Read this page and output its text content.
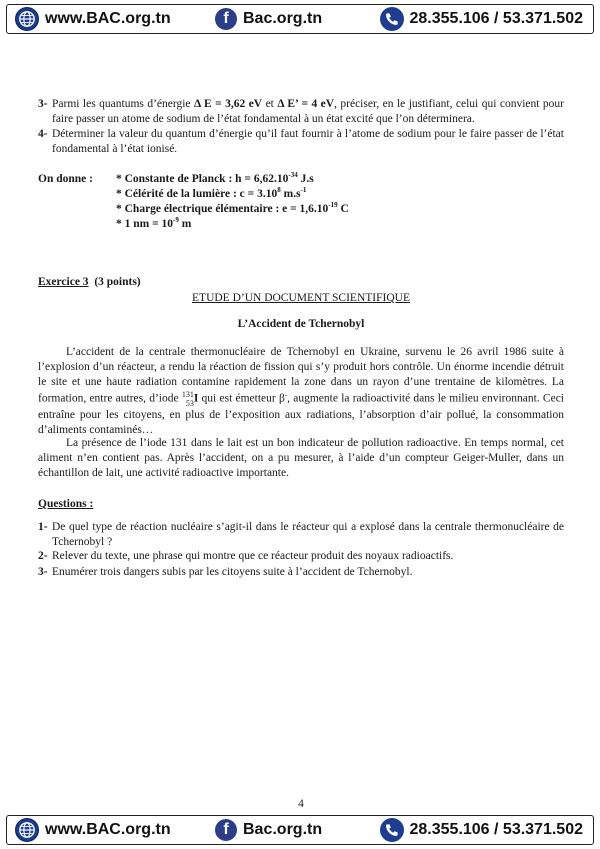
www.BAC.org.tn	f Bac.org.tn	28.355.106 / 53.371.502
3- Parmi les quantums d’énergie Δ E = 3,62 eV et Δ E’ = 4 eV, préciser, en le justifiant, celui qui convient pour faire passer un atome de sodium de l’état fondamental à un état excité que l’on déterminera.
4- Déterminer la valeur du quantum d’énergie qu’il faut fournir à l’atome de sodium pour le faire passer de l’état fondamental à l’état ionisé.
On donne : * Constante de Planck : $h = 6,62.10^{-34}$ J.s
* Célérité de la lumière : $c = 3.10^8$ $m.s^{-1}$
* Charge électrique élémentaire : $e = 1,6.10^{-19}$ C
* 1 nm = $10^{-9}$ m
Exercice 3 (3 points)
ETUDE D’UN DOCUMENT SCIENTIFIQUE
L’Accident de Tchernobyl
L’accident de la centrale thermonucléaire de Tchernobyl en Ukraine, survenu le 26 avril 1986 suite à l’explosion d’un réacteur, a rendu la réaction de fission qui s’y produit hors contrôle. Un énorme incendie détruit le site et une haute radiation contamine rapidement la zone dans un rayon d’une trentaine de kilomètres. La formation, entre autres, d’iode 131
53 I qui est émetteur β-, augmente la radioactivité dans le milieu environnant. Ceci entraîne pour les citoyens, en plus de l’exposition aux radiations, l’absorption d’air pollué, la consommation d’aliments contaminés…
La présence de l’iode 131 dans le lait est un bon indicateur de pollution radioactive. En temps normal, cet aliment n’en contient pas. Après l’accident, on a pu mesurer, à l’aide d’un compteur Geiger-Muller, dans un échantillon de lait, une activité radioactive importante.
Questions :
1- De quel type de réaction nucléaire s’agit-il dans le réacteur qui a explosé dans la centrale thermonucléaire de Tchernobyl ?
2- Relever du texte, une phrase qui montre que ce réacteur produit des noyaux radioactifs.
3- Enumérer trois dangers subis par les citoyens suite à l’accident de Tchernobyl.
4
www.BAC.org.tn	f Bac.org.tn	28.355.106 / 53.371.502
